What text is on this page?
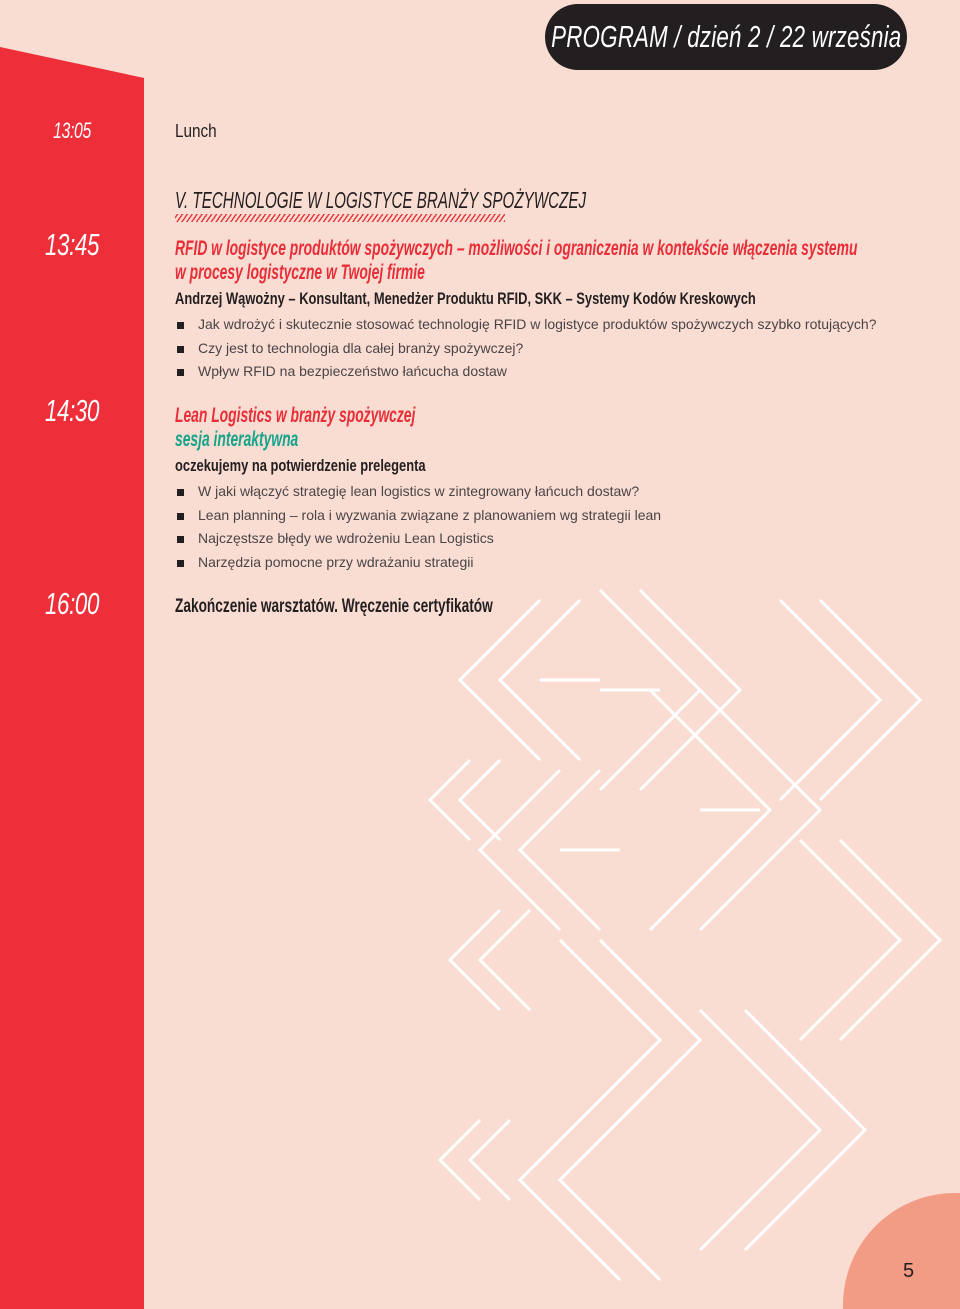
13:05
13:45
14:30
16:00
PROGRAM / dzień 2 / 22 września
Lunch
V. TECHNOLOGIE W LOGISTYCE BRANŻY SPOŻYWCZEJ
RFID w logistyce produktów spożywczych – możliwości i ograniczenia w kontekście włączenia systemu
w procesy logistyczne w Twojej firmie
Andrzej Wąwożny – Konsultant, Menedżer Produktu RFID, SKK – Systemy Kodów Kreskowych
Jak wdrożyć i skutecznie stosować technologię RFID w logistyce produktów spożywczych szybko rotujących?
Czy jest to technologia dla całej branży spożywczej?
Wpływ RFID na bezpieczeństwo łańcucha dostaw
Lean Logistics w branży spożywczej
sesja interaktywna
oczekujemy na potwierdzenie prelegenta
W jaki włączyć strategię lean logistics w zintegrowany łańcuch dostaw?
Lean planning – rola i wyzwania związane z planowaniem wg strategii lean
Najczęstsze błędy we wdrożeniu Lean Logistics
Narzędzia pomocne przy wdrażaniu strategii
Zakończenie warsztatów. Wręczenie certyfikatów
5
